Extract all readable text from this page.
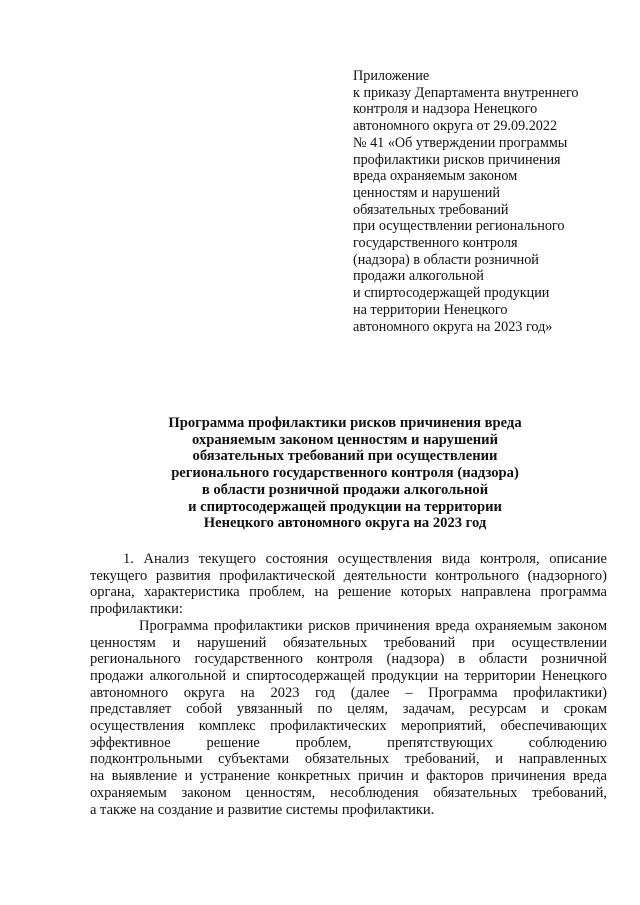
Приложение
к приказу Департамента внутреннего
контроля и надзора Ненецкого
автономного округа от 29.09.2022
№ 41 «Об утверждении программы
профилактики рисков причинения
вреда охраняемым законом
ценностям и нарушений
обязательных требований
при осуществлении регионального
государственного контроля
(надзора) в области розничной
продажи алкогольной
и спиртосодержащей продукции
на территории Ненецкого
автономного округа на 2023 год»
Программа профилактики рисков причинения вреда
охраняемым законом ценностям и нарушений
обязательных требований при осуществлении
регионального государственного контроля (надзора)
в области розничной продажи алкогольной
и спиртосодержащей продукции на территории
Ненецкого автономного округа на 2023 год
1. Анализ текущего состояния осуществления вида контроля, описание
текущего развития профилактической деятельности контрольного (надзорного)
органа, характеристика проблем, на решение которых направлена программа
профилактики:
Программа профилактики рисков причинения вреда охраняемым законом
ценностям и нарушений обязательных требований при осуществлении
регионального государственного контроля (надзора) в области розничной
продажи алкогольной и спиртосодержащей продукции на территории Ненецкого
автономного округа на 2023 год (далее – Программа профилактики)
представляет собой увязанный по целям, задачам, ресурсам и срокам
осуществления комплекс профилактических мероприятий, обеспечивающих
эффективное решение проблем, препятствующих соблюдению
подконтрольными субъектами обязательных требований, и направленных
на выявление и устранение конкретных причин и факторов причинения вреда
охраняемым законом ценностям, несоблюдения обязательных требований,
а также на создание и развитие системы профилактики.
